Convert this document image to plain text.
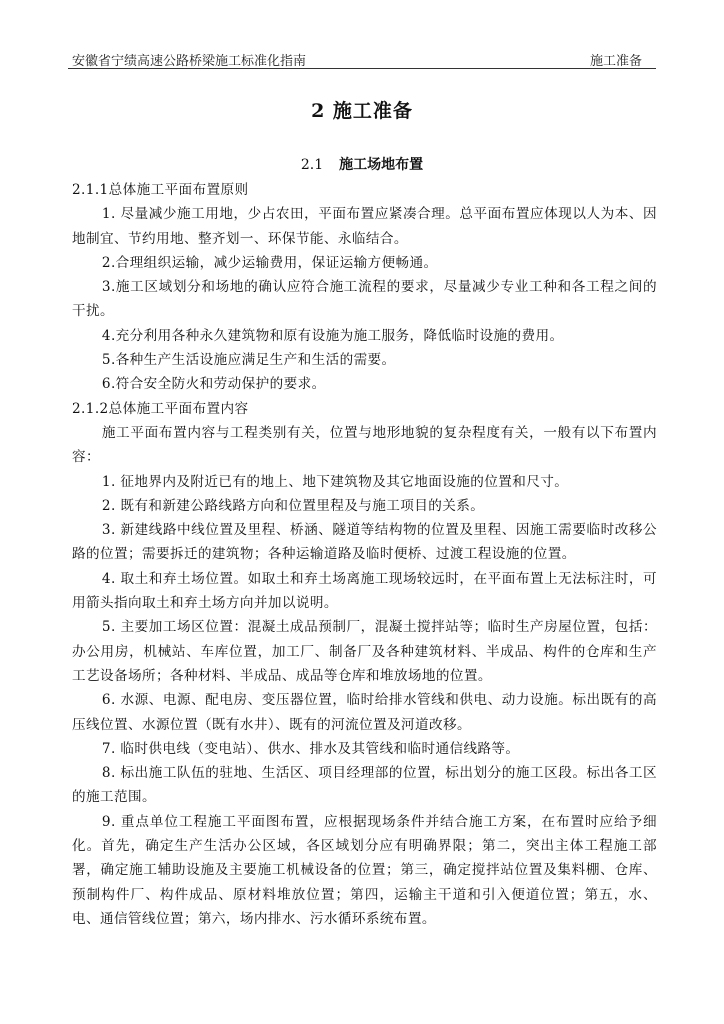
安徽省宁绩高速公路桥梁施工标准化指南	施工准备
2 施工准备
2.1 施工场地布置

2.1.1总体施工平面布置原则

1. 尽量减少施工用地，少占农田，平面布置应紧凑合理。总平面布置应体现以人为本、因地制宜、节约用地、整齐划一、环保节能、永临结合。

2.合理组织运输，减少运输费用，保证运输方便畅通。

3.施工区域划分和场地的确认应符合施工流程的要求，尽量减少专业工种和各工程之间的干扰。

4.充分利用各种永久建筑物和原有设施为施工服务，降低临时设施的费用。

5.各种生产生活设施应满足生产和生活的需要。

6.符合安全防火和劳动保护的要求。

2.1.2总体施工平面布置内容

施工平面布置内容与工程类别有关，位置与地形地貌的复杂程度有关，一般有以下布置内容：

1. 征地界内及附近已有的地上、地下建筑物及其它地面设施的位置和尺寸。

2. 既有和新建公路线路方向和位置里程及与施工项目的关系。

3. 新建线路中线位置及里程、桥涵、隧道等结构物的位置及里程、因施工需要临时改移公路的位置；需要拆迁的建筑物；各种运输道路及临时便桥、过渡工程设施的位置。

4. 取土和弃土场位置。如取土和弃土场离施工现场较远时，在平面布置上无法标注时，可用箭头指向取土和弃土场方向并加以说明。

5. 主要加工场区位置：混凝土成品预制厂，混凝土搅拌站等；临时生产房屋位置，包括：办公用房，机械站、车库位置，加工厂、制备厂及各种建筑材料、半成品、构件的仓库和生产工艺设备场所；各种材料、半成品、成品等仓库和堆放场地的位置。

6. 水源、电源、配电房、变压器位置，临时给排水管线和供电、动力设施。标出既有的高压线位置、水源位置（既有水井）、既有的河流位置及河道改移。

7. 临时供电线（变电站）、供水、排水及其管线和临时通信线路等。

8. 标出施工队伍的驻地、生活区、项目经理部的位置，标出划分的施工区段。标出各工区的施工范围。

9. 重点单位工程施工平面图布置，应根据现场条件并结合施工方案，在布置时应给予细化。首先，确定生产生活办公区域，各区域划分应有明确界限；第二，突出主体工程施工部署，确定施工辅助设施及主要施工机械设备的位置；第三，确定搅拌站位置及集料棚、仓库、预制构件厂、构件成品、原材料堆放位置；第四，运输主干道和引入便道位置；第五，水、电、通信管线位置；第六，场内排水、污水循环系统布置。
